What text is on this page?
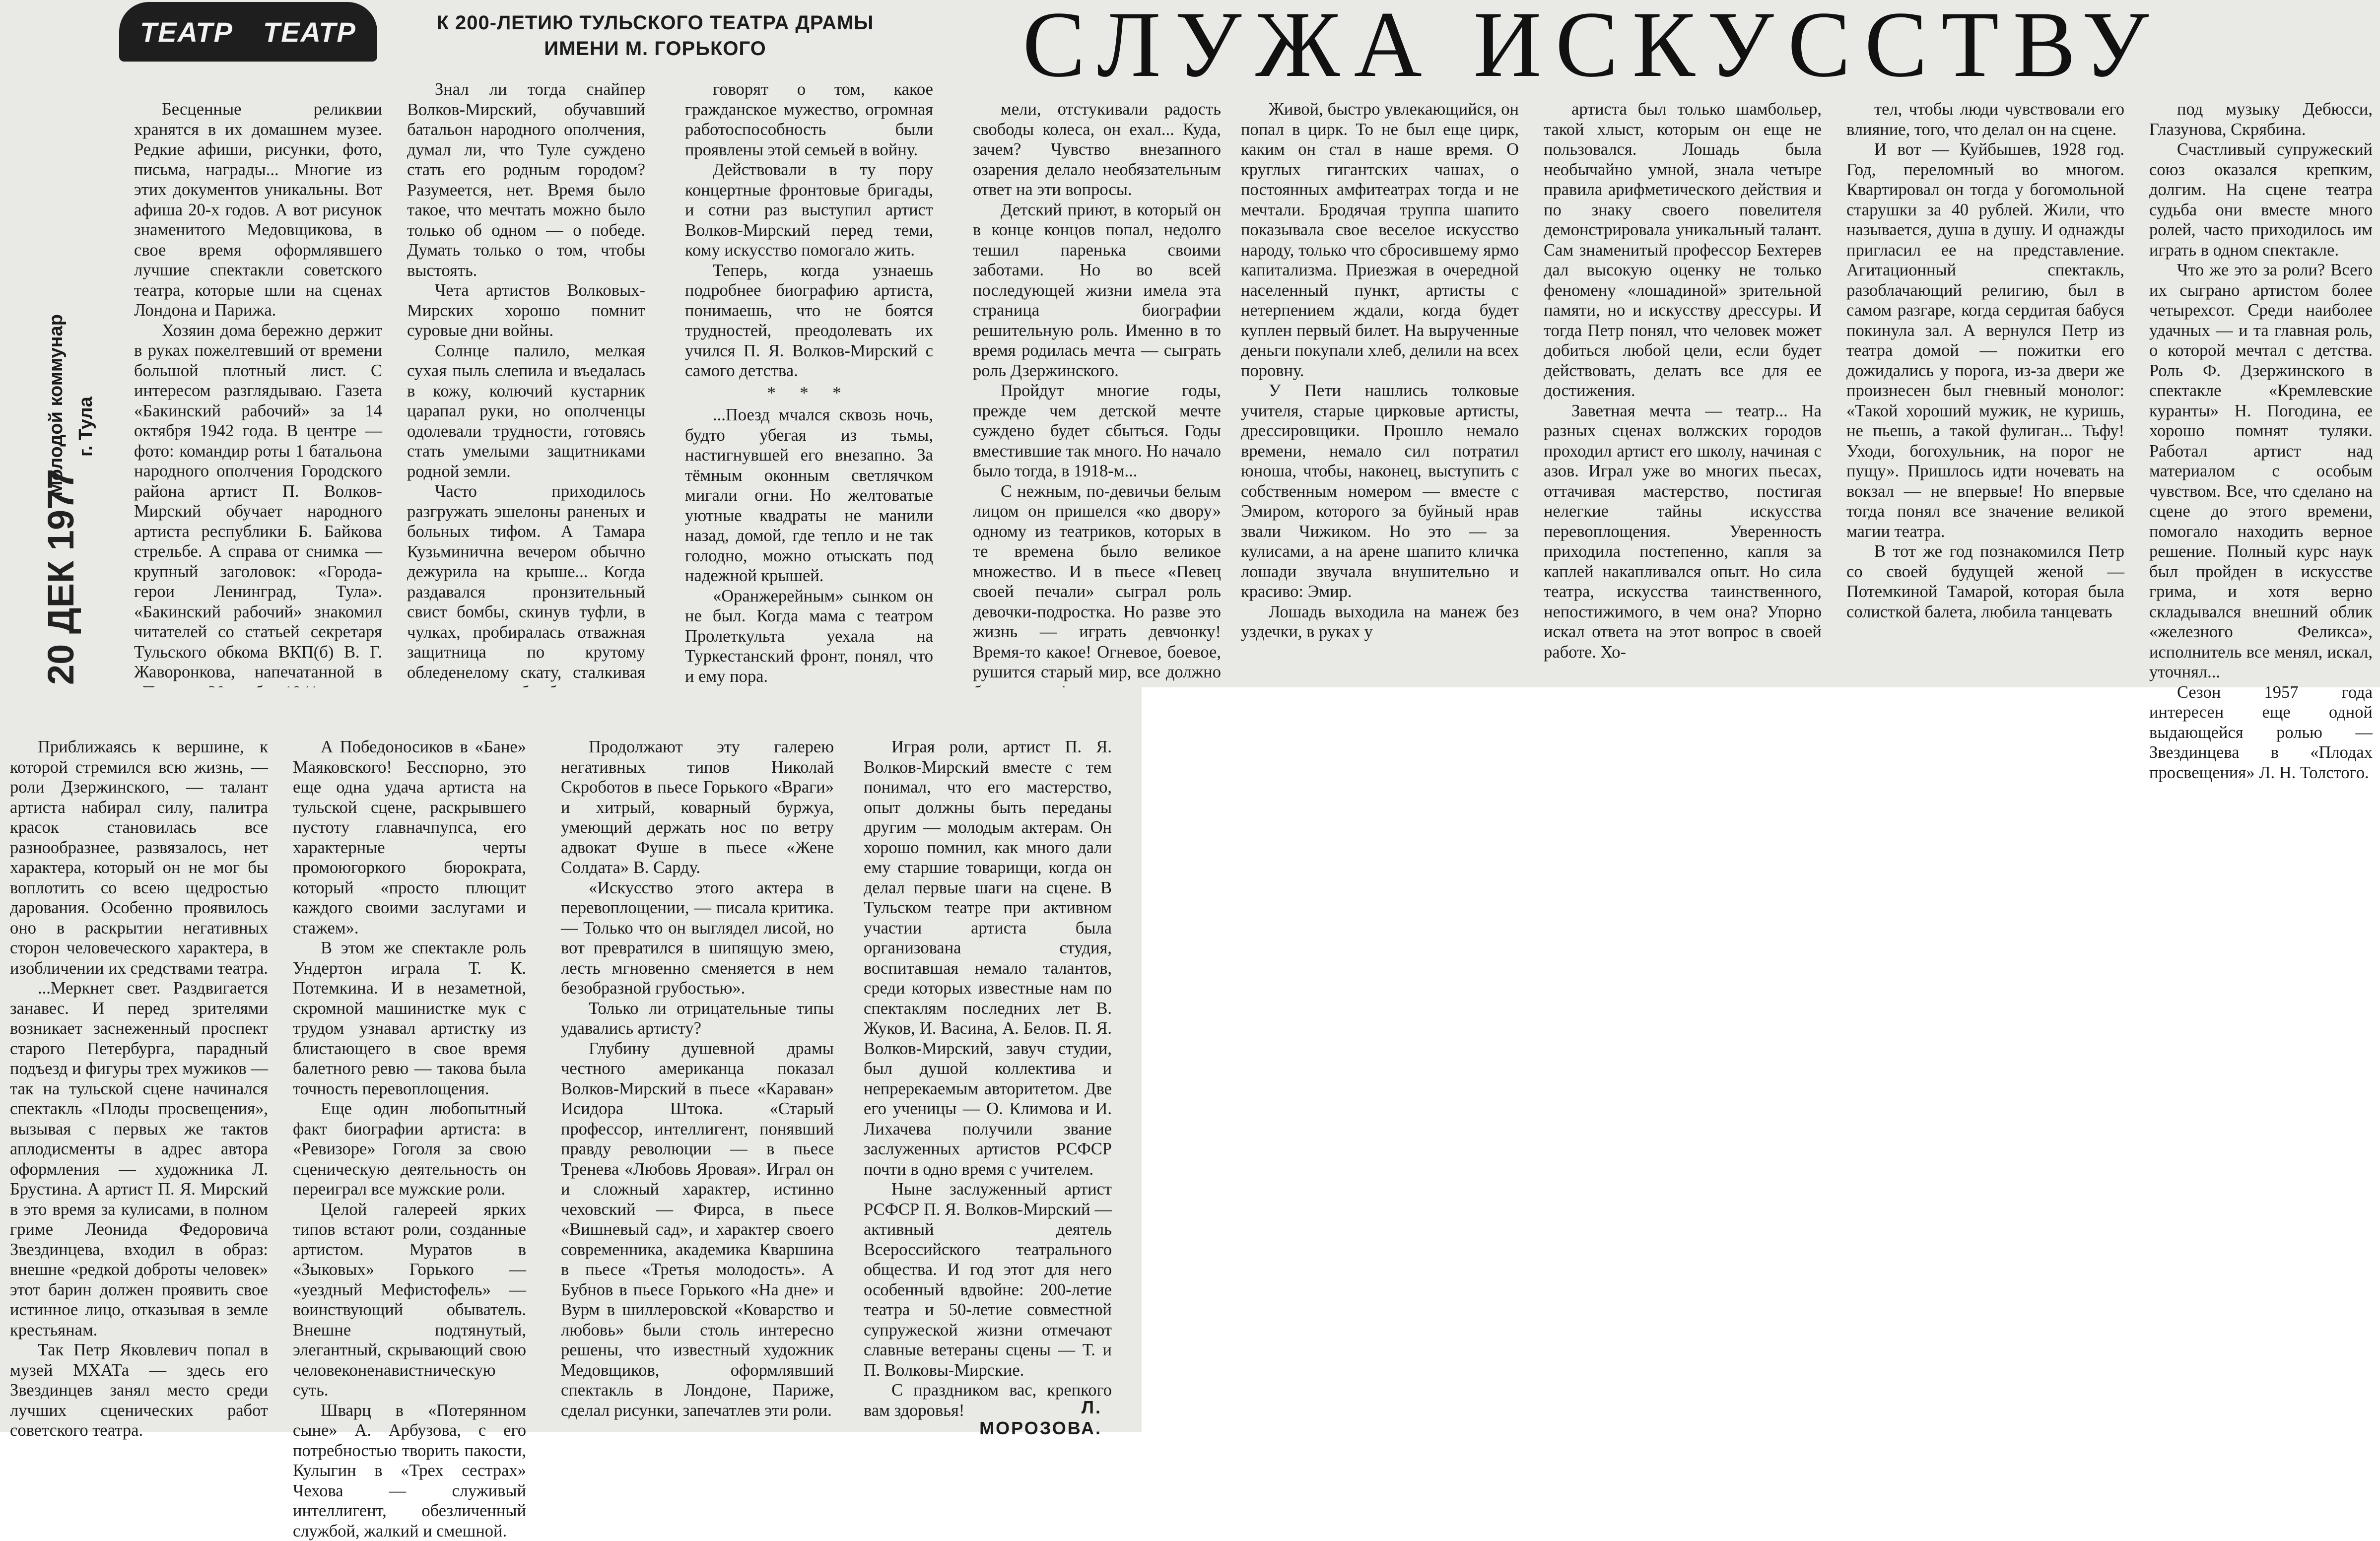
ТЕАТР ТЕАТР	К 200-ЛЕТИЮ ТУЛЬСКОГО ТЕАТРА ДРАМЫ
ИМЕНИ М. ГОРЬКОГО	СЛУЖА ИСКУССТВУ
Молодой коммунар г. Тула
20 ДЕК 1977

Бесценные реликвии хранятся в их домашнем музее. Редкие афиши, рисунки, фото, письма, награды... Многие из этих документов уникальны. Вот афиша 20-х годов. А вот рисунок знаменитого Медовщикова, в свое время оформлявшего лучшие спектакли советского театра, которые шли на сценах Лондона и Парижа.

Хозяин дома бережно держит в руках пожелтевший от времени большой плотный лист. С интересом разглядываю. Газета «Бакинский рабочий» за 14 октября 1942 года. В центре — фото: командир роты 1 батальона народного ополчения Городского района артист П. Волков-Мирский обучает народного артиста республики Б. Байкова стрельбе. А справа от снимка — крупный заголовок: «Города-герои Ленинград, Тула». «Бакинский рабочий» знакомил читателей со статьей секретаря Тульского обкома ВКП(б) В. Г. Жаворонкова, напечатанной в

Знал ли тогда снайпер Волков-Мирский, обучавший батальон народного ополчения, думал ли, что Туле суждено стать его родным городом? Разумеется, нет. Время было такое, что мечтать можно было только об одном — о победе. Думать только о том, чтобы выстоять.

Чета артистов Волковых-Мирских хорошо помнит суровые дни войны.

Солнце палило, мелкая сухая пыль слепила и въедалась в кожу, колючий кустарник царапал руки, но ополченцы одолевали трудности, готовясь стать умелыми защитниками родной земли.

Часто приходилось разгружать эшелоны раненых и больных тифом. А Тамара Кузьминична вечером обычно дежурила на крыше... Когда раздавался пронзительный свист бомбы, скинув туфли, в чулках, пробиралась отважная защитница по крутому обледенелому скату, сталкивая

говорят о том, какое гражданское мужество, огромная работоспособность были проявлены этой семьей в войну.

Действовали в ту пору концертные фронтовые бригады, и сотни раз выступил артист Волков-Мирский перед теми, кому искусство помогало жить.

Теперь, когда узнаешь подробнее биографию артиста, понимаешь, что не боятся трудностей, преодолевать их учился П. Я. Волков-Мирский с самого детства.

* * *

...Поезд мчался сквозь ночь, будто убегая из тьмы, настигнувшей его внезапно. За тёмным оконным светлячком мигали огни. Но желтоватые уютные квадраты не манили назад, домой, где тепло и не так голодно, можно отыскать под надежной крышей.

«Оранжерейным» сынком он не был. Когда мама с театром Пролеткульта уехала на Туркестанский фронт, понял, что и ему пора.

мели, отстукивали радость свободы колеса, он ехал... Куда, зачем? Чувство внезапного озарения делало необязательным ответ на эти вопросы.

Детский приют, в который он в конце концов попал, недолго тешил паренька своими заботами. Но во всей последующей жизни имела эта страница биографии решительную роль. Именно в то время родилась мечта — сыграть роль Дзержинского.

Пройдут многие годы, прежде чем детской мечте суждено будет сбыться. Годы вместившие так много. Но начало было тогда, в 1918-м...

С нежным, по-девичьи белым лицом он пришелся «ко двору» одному из театриков, которых в те времена было великое множество. И в пьесе «Певец своей печали» сыграл роль девочки-подростка. Но разве это жизнь — играть девчонку! Время-то какое! Огневое, боевое, рушится старый мир, все должно

Живой, быстро увлекающийся, он попал в цирк. То не был еще цирк, каким он стал в наше время. О круглых гигантских чашах, о постоянных амфитеатрах тогда и не мечтали. Бродячая труппа шапито показывала свое веселое искусство народу, только что сбросившему ярмо капитализма. Приезжая в очередной населенный пункт, артисты с нетерпением ждали, когда будет куплен первый билет. На вырученные деньги покупали хлеб, делили на всех поровну.

У Пети нашлись толковые учителя, старые цирковые артисты, дрессировщики. Прошло немало времени, немало сил потратил юноша, чтобы, наконец, выступить с собственным номером — вместе с Эмиром, которого за буйный нрав звали Чижиком. Но это — за кулисами, а на арене шапито кличка лошади звучала внушительно и красиво: Эмир.

Лошадь выходила на манеж без уздечки, в руках у

артиста был только шамбольер, такой хлыст, которым он еще не пользовался. Лошадь была необычайно умной, знала четыре правила арифметического действия и по знаку своего повелителя демонстрировала уникальный талант. Сам знаменитый профессор Бехтерев дал высокую оценку не только феномену «лошадиной» зрительной памяти, но и искусству дрессуры. И тогда Петр понял, что человек может добиться любой цели, если будет действовать, делать все для ее достижения.

Заветная мечта — театр... На разных сценах волжских городов проходил артист его школу, начиная с азов. Играл уже во многих пьесах, оттачивая мастерство, постигая нелегкие тайны искусства перевоплощения. Уверенность приходила постепенно, капля за каплей накапливался опыт. Но сила театра, искусства таинственного, непостижимого, в чем она? Упорно искал ответа на этот вопрос в своей работе. Хо-

тел, чтобы люди чувствовали его влияние, того, что делал он на сцене.

И вот — Куйбышев, 1928 год. Год, переломный во многом. Квартировал он тогда у богомольной старушки за 40 рублей. Жили, что называется, душа в душу. И однажды пригласил ее на представление. Агитационный спектакль, разоблачающий религию, был в самом разгаре, когда сердитая бабуся покинула зал. А вернулся Петр из театра домой — пожитки его дожидались у порога, из-за двери же произнесен был гневный монолог: «Такой хороший мужик, не куришь, не пьешь, а такой фулиган... Тьфу! Уходи, богохульник, на порог не пущу». Пришлось идти ночевать на вокзал — не впервые! Но впервые тогда понял все значение великой магии театра.

В тот же год познакомился Петр со своей будущей женой — Потемкиной Тамарой, которая была солисткой балета, любила танцевать

под музыку Дебюсси, Глазунова, Скрябина.

Счастливый супружеский союз оказался крепким, долгим. На сцене театра судьба они вместе много ролей, часто приходилось им играть в одном спектакле.

Что же это за роли? Всего их сыграно артистом более четырехсот. Среди наиболее удачных — и та главная роль, о которой мечтал с детства. Роль Ф. Дзержинского в спектакле «Кремлевские куранты» Н. Погодина, ее хорошо помнят туляки. Работал артист над материалом с особым чувством. Все, что сделано на сцене до этого времени, помогало находить верное решение. Полный курс наук был пройден в искусстве грима, и хотя верно складывался внешний облик «железного Феликса», исполнитель все менял, искал, уточнял...

Сезон 1957 года интересен еще одной выдающейся ролью — Звездинцева в «Плодах просвещения» Л. Н. Толстого.

Приближаясь к вершине, к которой стремился всю жизнь, — роли Дзержинского, — талант артиста набирал силу, палитра красок становилась все разнообразнее, развязалось, нет характера, который он не мог бы воплотить со всею щедростью дарования. Особенно проявилось оно в раскрытии негативных сторон человеческого характера, в изобличении их средствами театра.

...Меркнет свет. Раздвигается занавес. И перед зрителями возникает заснеженный проспект старого Петербурга, парадный подъезд и фигуры трех мужиков — так на тульской сцене начинался спектакль «Плоды просвещения», вызывая с первых же тактов аплодисменты в адрес автора оформления — художника Л. Брустина. А артист П. Я. Мирский в это время за кулисами, в полном гриме Леонида Федоровича Звездинцева, входил в образ: внешне «редкой доброты человек» этот барин должен проявить свое истинное лицо, отказывая в земле крестьянам.

Так Петр Яковлевич попал в музей МХАТа — здесь его Звездинцев занял место среди лучших сценических работ советского театра.

А Победоносиков в «Бане» Маяковского! Бесспорно, это еще одна удача артиста на тульской сцене, раскрывшего пустоту главначпупса, его характерные черты промоюгоркого бюрократа, который «просто плющит каждого своими заслугами и стажем».

В этом же спектакле роль Ундертон играла Т. К. Потемкина. И в незаметной, скромной машинистке мук с трудом узнавал артистку из блистающего в свое время балетного ревю — такова была точность перевоплощения.

Еще один любопытный факт биографии артиста: в «Ревизоре» Гоголя за свою сценическую деятельность он переиграл все мужские роли.

Целой галереей ярких типов встают роли, созданные артистом. Муратов в «Зыковых» Горького — «уездный Мефистофель» — воинствующий обыватель. Внешне подтянутый, элегантный, скрывающий свою человеконенавистническую суть.

Шварц в «Потерянном сыне» А. Арбузова, с его потребностью творить пакости, Кулыгин в «Трех сестрах» Чехова — служивый интеллигент, обезличенный службой, жалкий и смешной.

Продолжают эту галерею негативных типов Николай Скроботов в пьесе Горького «Враги» и хитрый, коварный буржуа, умеющий держать нос по ветру адвокат Фуше в пьесе «Жене Солдата» В. Сарду.

«Искусство этого актера в перевоплощении, — писала критика. — Только что он выглядел лисой, но вот превратился в шипящую змею, лесть мгновенно сменяется в нем безобразной грубостью».

Только ли отрицательные типы удавались артисту?

Глубину душевной драмы честного американца показал Волков-Мирский в пьесе «Караван» Исидора Штока. «Старый профессор, интеллигент, понявший правду революции — в пьесе Тренева «Любовь Яровая». Играл он и сложный характер, истинно чеховский — Фирса, в пьесе «Вишневый сад», и характер своего современника, академика Кваршина в пьесе «Третья молодость». А Бубнов в пьесе Горького «На дне» и Вурм в шиллеровской «Коварство и любовь» были столь интересно решены, что известный художник Медовщиков, оформлявший спектакль в Лондоне, Париже, сделал рисунки, запечатлев эти роли.

Играя роли, артист П. Я. Волков-Мирский вместе с тем понимал, что его мастерство, опыт должны быть переданы другим — молодым актерам. Он хорошо помнил, как много дали ему старшие товарищи, когда он делал первые шаги на сцене. В Тульском театре при активном участии артиста была организована студия, воспитавшая немало талантов, среди которых известные нам по спектаклям последних лет В. Жуков, И. Васина, А. Белов. П. Я. Волков-Мирский, завуч студии, был душой коллектива и непререкаемым авторитетом. Две его ученицы — О. Климова и И. Лихачева получили звание заслуженных артистов РСФСР почти в одно время с учителем.

Ныне заслуженный артист РСФСР П. Я. Волков-Мирский — активный деятель Всероссийского театрального общества. И год этот для него особенный вдвойне: 200-летие театра и 50-летие совместной супружеской жизни отмечают славные ветераны сцены — Т. и П. Волковы-Мирские.

С праздником вас, крепкого вам здоровья!	Л. МОРОЗОВА.
